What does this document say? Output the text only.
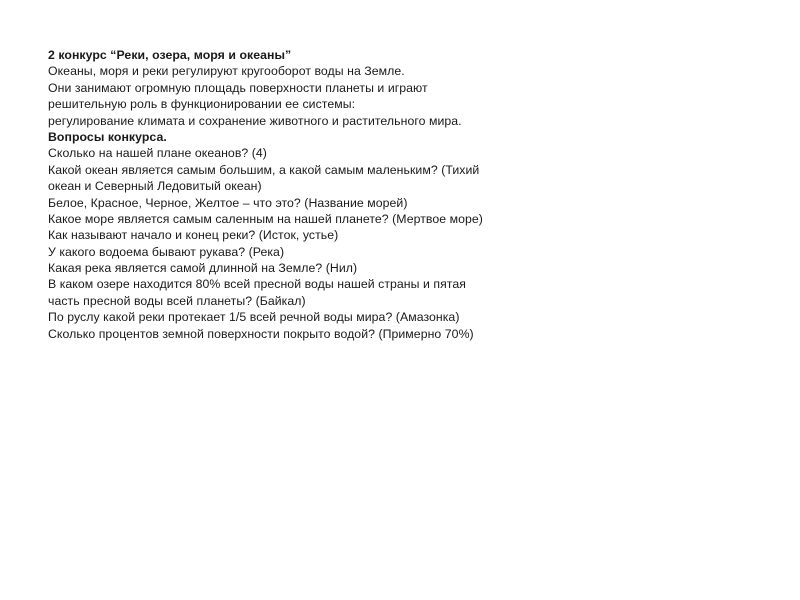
2 конкурс “Реки, озера, моря и океаны”
Океаны, моря и реки регулируют кругооборот воды на Земле.
Они занимают огромную площадь поверхности планеты и играют
решительную роль в функционировании ее системы:
регулирование климата и сохранение животного и растительного мира.
Вопросы конкурса.
Сколько на нашей плане океанов? (4)
Какой океан является самым большим, а какой самым маленьким? (Тихий
океан и Северный Ледовитый океан)
Белое, Красное, Черное, Желтое – что это? (Название морей)
Какое море является самым саленным на нашей планете? (Мертвое море)
Как называют начало и конец реки? (Исток, устье)
У какого водоема бывают рукава? (Река)
Какая река является самой длинной на Земле? (Нил)
В каком озере находится 80% всей пресной воды нашей страны и пятая
часть пресной воды всей планеты? (Байкал)
По руслу какой реки протекает 1/5 всей речной воды мира? (Амазонка)
Сколько процентов земной поверхности покрыто водой? (Примерно 70%)
